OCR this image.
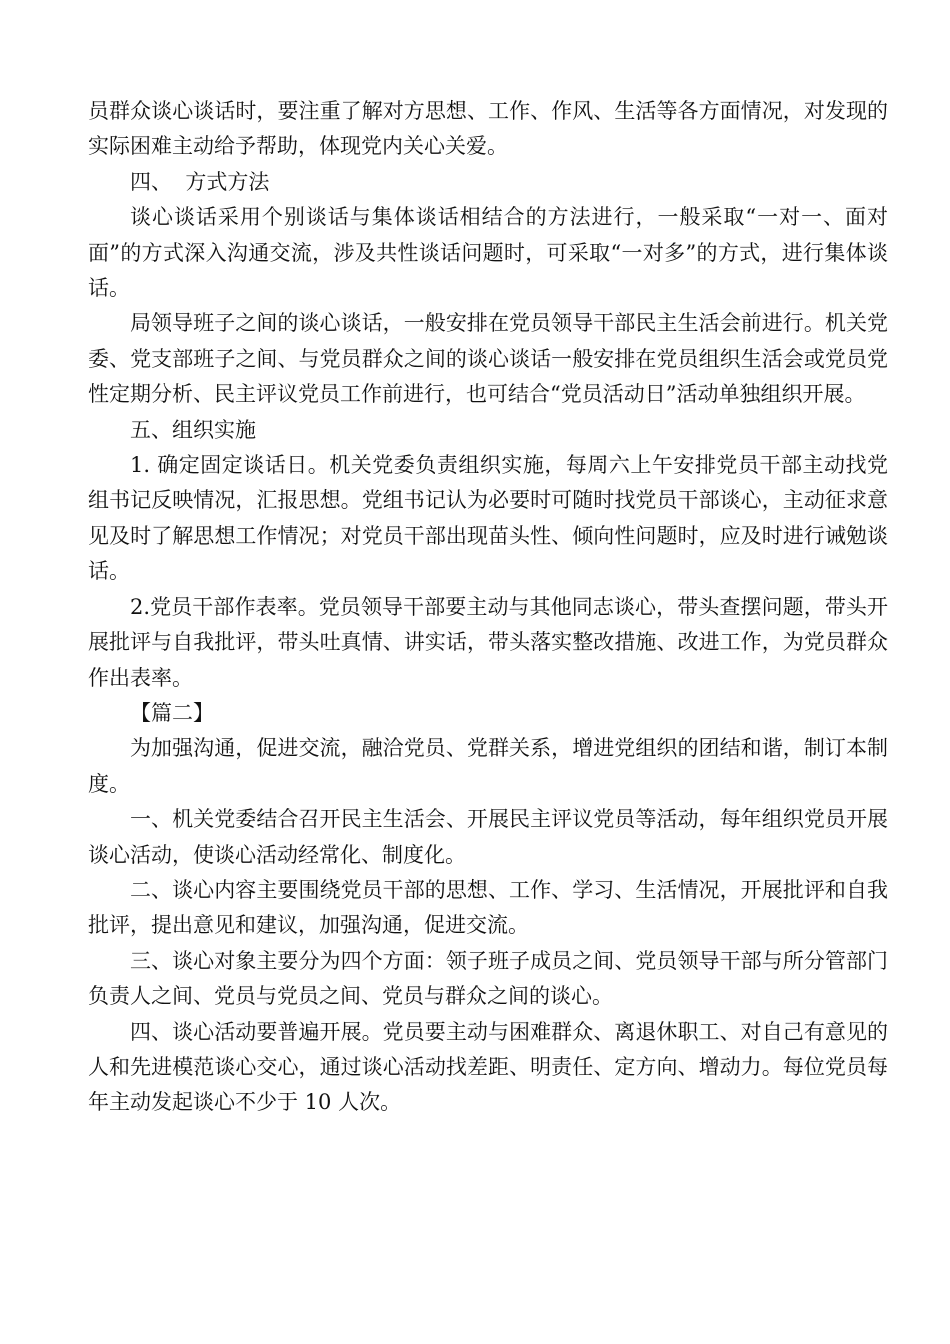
员群众谈心谈话时，要注重了解对方思想、工作、作风、生活等各方面情况，对发现的实际困难主动给予帮助，体现党内关心关爱。

四、  方式方法

谈心谈话采用个别谈话与集体谈话相结合的方法进行，一般采取“一对一、面对面”的方式深入沟通交流，涉及共性谈话问题时，可采取“一对多”的方式，进行集体谈话。

局领导班子之间的谈心谈话，一般安排在党员领导干部民主生活会前进行。机关党委、党支部班子之间、与党员群众之间的谈心谈话一般安排在党员组织生活会或党员党性定期分析、民主评议党员工作前进行，也可结合“党员活动日”活动单独组织开展。

五、组织实施

1. 确定固定谈话日。机关党委负责组织实施，每周六上午安排党员干部主动找党组书记反映情况，汇报思想。党组书记认为必要时可随时找党员干部谈心，主动征求意见及时了解思想工作情况；对党员干部出现苗头性、倾向性问题时，应及时进行诫勉谈话。

2.党员干部作表率。党员领导干部要主动与其他同志谈心，带头查摆问题，带头开展批评与自我批评，带头吐真情、讲实话，带头落实整改措施、改进工作，为党员群众作出表率。

【篇二】

为加强沟通，促进交流，融洽党员、党群关系，增进党组织的团结和谐，制订本制度。

一、机关党委结合召开民主生活会、开展民主评议党员等活动，每年组织党员开展谈心活动，使谈心活动经常化、制度化。

二、谈心内容主要围绕党员干部的思想、工作、学习、生活情况，开展批评和自我批评，提出意见和建议，加强沟通，促进交流。

三、谈心对象主要分为四个方面：领子班子成员之间、党员领导干部与所分管部门负责人之间、党员与党员之间、党员与群众之间的谈心。

四、谈心活动要普遍开展。党员要主动与困难群众、离退休职工、对自己有意见的人和先进模范谈心交心，通过谈心活动找差距、明责任、定方向、增动力。每位党员每年主动发起谈心不少于 10 人次。
